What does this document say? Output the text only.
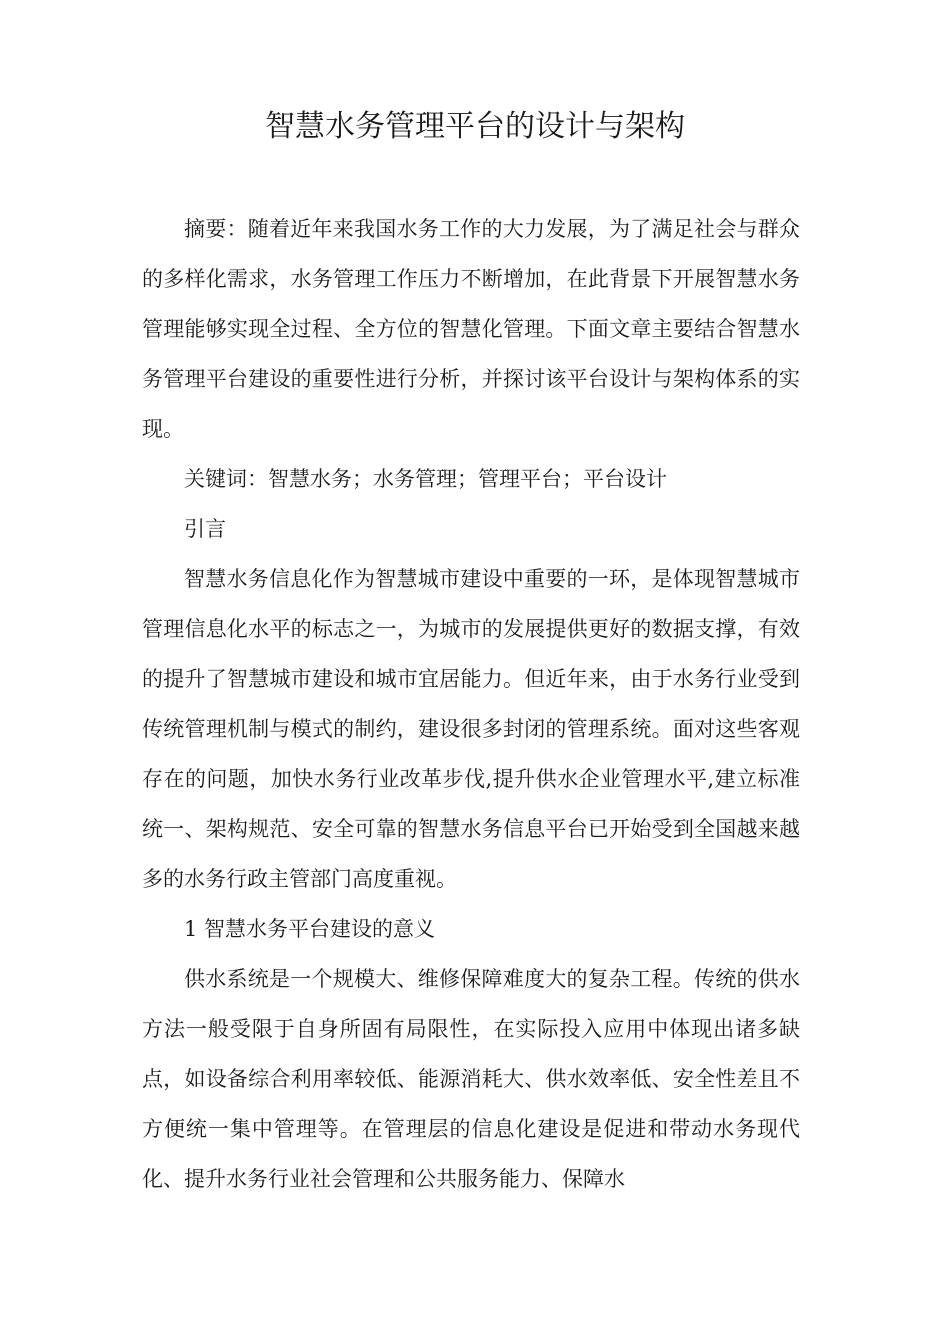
智慧水务管理平台的设计与架构

摘要：随着近年来我国水务工作的大力发展，为了满足社会与群众的多样化需求，水务管理工作压力不断增加，在此背景下开展智慧水务管理能够实现全过程、全方位的智慧化管理。下面文章主要结合智慧水务管理平台建设的重要性进行分析，并探讨该平台设计与架构体系的实现。

关键词：智慧水务；水务管理；管理平台；平台设计

引言

智慧水务信息化作为智慧城市建设中重要的一环，是体现智慧城市管理信息化水平的标志之一，为城市的发展提供更好的数据支撑，有效的提升了智慧城市建设和城市宜居能力。但近年来，由于水务行业受到传统管理机制与模式的制约，建设很多封闭的管理系统。面对这些客观存在的问题，加快水务行业改革步伐,提升供水企业管理水平,建立标准统一、架构规范、安全可靠的智慧水务信息平台已开始受到全国越来越多的水务行政主管部门高度重视。

1 智慧水务平台建设的意义

供水系统是一个规模大、维修保障难度大的复杂工程。传统的供水方法一般受限于自身所固有局限性，在实际投入应用中体现出诸多缺点，如设备综合利用率较低、能源消耗大、供水效率低、安全性差且不方便统一集中管理等。在管理层的信息化建设是促进和带动水务现代化、提升水务行业社会管理和公共服务能力、保障水
